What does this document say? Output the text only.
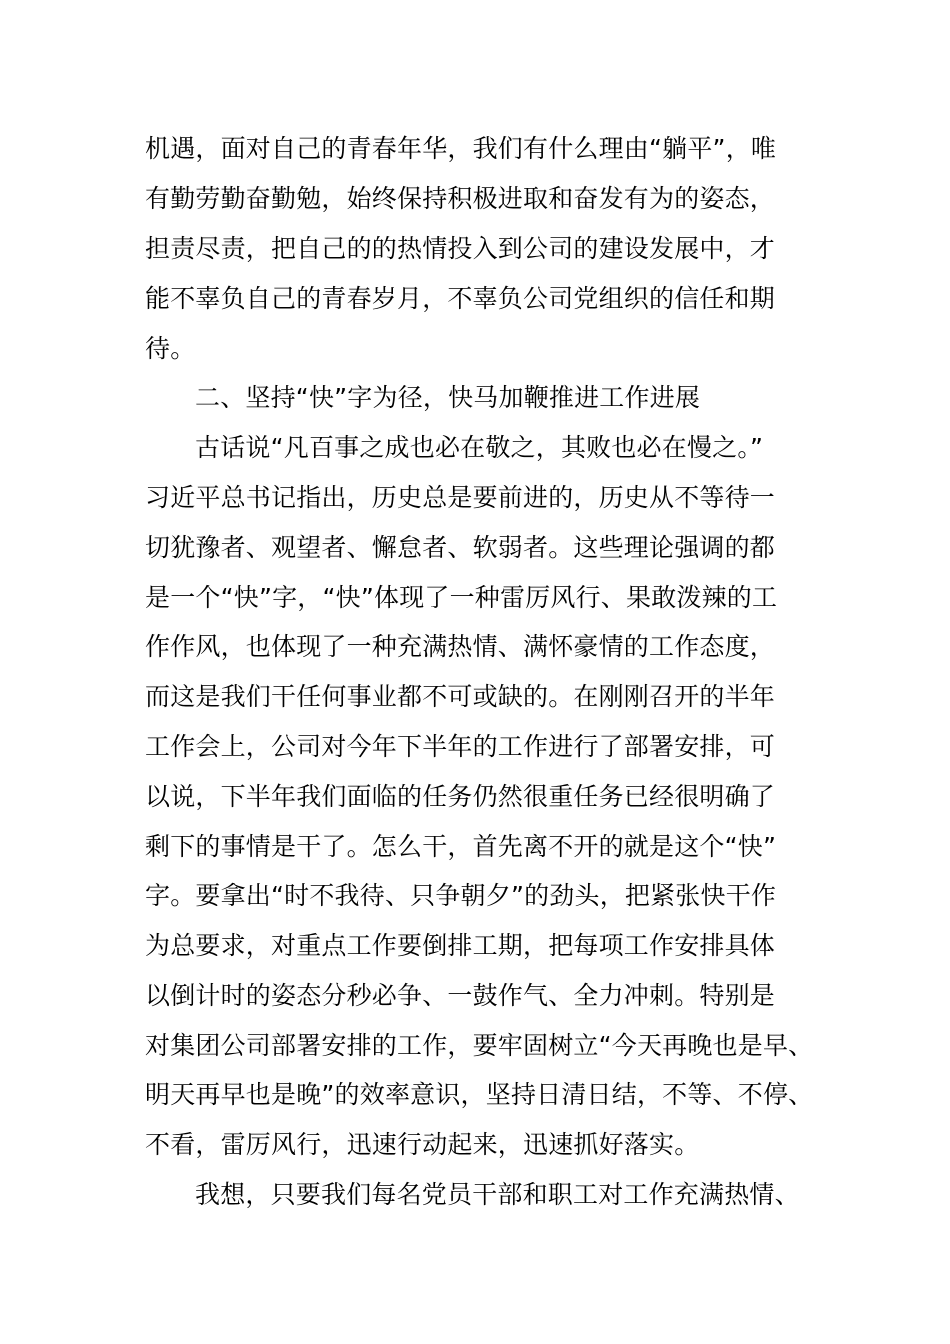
机遇，面对自己的青春年华，我们有什么理由“躺平”，唯
有勤劳勤奋勤勉，始终保持积极进取和奋发有为的姿态，
担责尽责，把自己的的热情投入到公司的建设发展中，才
能不辜负自己的青春岁月，不辜负公司党组织的信任和期
待。
二、坚持“快”字为径，快马加鞭推进工作进展
古话说“凡百事之成也必在敬之，其败也必在慢之。”
习近平总书记指出，历史总是要前进的，历史从不等待一
切犹豫者、观望者、懈怠者、软弱者。这些理论强调的都
是一个“快”字，“快”体现了一种雷厉风行、果敢泼辣的工
作作风，也体现了一种充满热情、满怀豪情的工作态度，
而这是我们干任何事业都不可或缺的。在刚刚召开的半年
工作会上，公司对今年下半年的工作进行了部署安排，可
以说，下半年我们面临的任务仍然很重任务已经很明确了
剩下的事情是干了。怎么干，首先离不开的就是这个“快”
字。要拿出“时不我待、只争朝夕”的劲头，把紧张快干作
为总要求，对重点工作要倒排工期，把每项工作安排具体
以倒计时的姿态分秒必争、一鼓作气、全力冲刺。特别是
对集团公司部署安排的工作，要牢固树立“今天再晚也是早、
明天再早也是晚”的效率意识，坚持日清日结，不等、不停、
不看，雷厉风行，迅速行动起来，迅速抓好落实。
我想，只要我们每名党员干部和职工对工作充满热情、
